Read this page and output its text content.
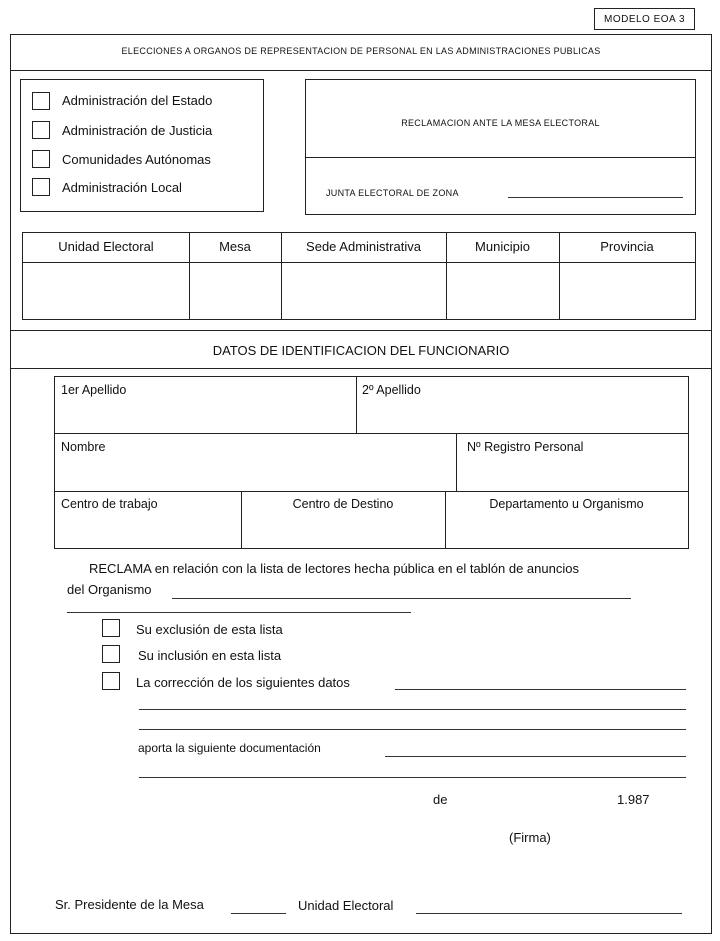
MODELO EOA 3
ELECCIONES A ORGANOS DE REPRESENTACION DE PERSONAL EN LAS ADMINISTRACIONES PUBLICAS
Administración del Estado
Administración de Justicia
Comunidades Autónomas
Administración Local
RECLAMACION ANTE LA MESA ELECTORAL
JUNTA ELECTORAL DE ZONA
Unidad Electoral	Mesa	Sede Administrativa	Municipio	Provincia
DATOS DE IDENTIFICACION DEL FUNCIONARIO
1er Apellido	2º Apellido
Nombre	Nº Registro Personal
Centro de trabajo	Centro de Destino	Departamento u Organismo
RECLAMA en relación con la lista de lectores hecha pública en el tablón de anuncios
del Organismo
Su exclusión de esta lista
Su inclusión en esta lista
La corrección de los siguientes datos
aporta la siguiente documentación
de	1.987
(Firma)
Sr. Presidente de la Mesa	Unidad Electoral
